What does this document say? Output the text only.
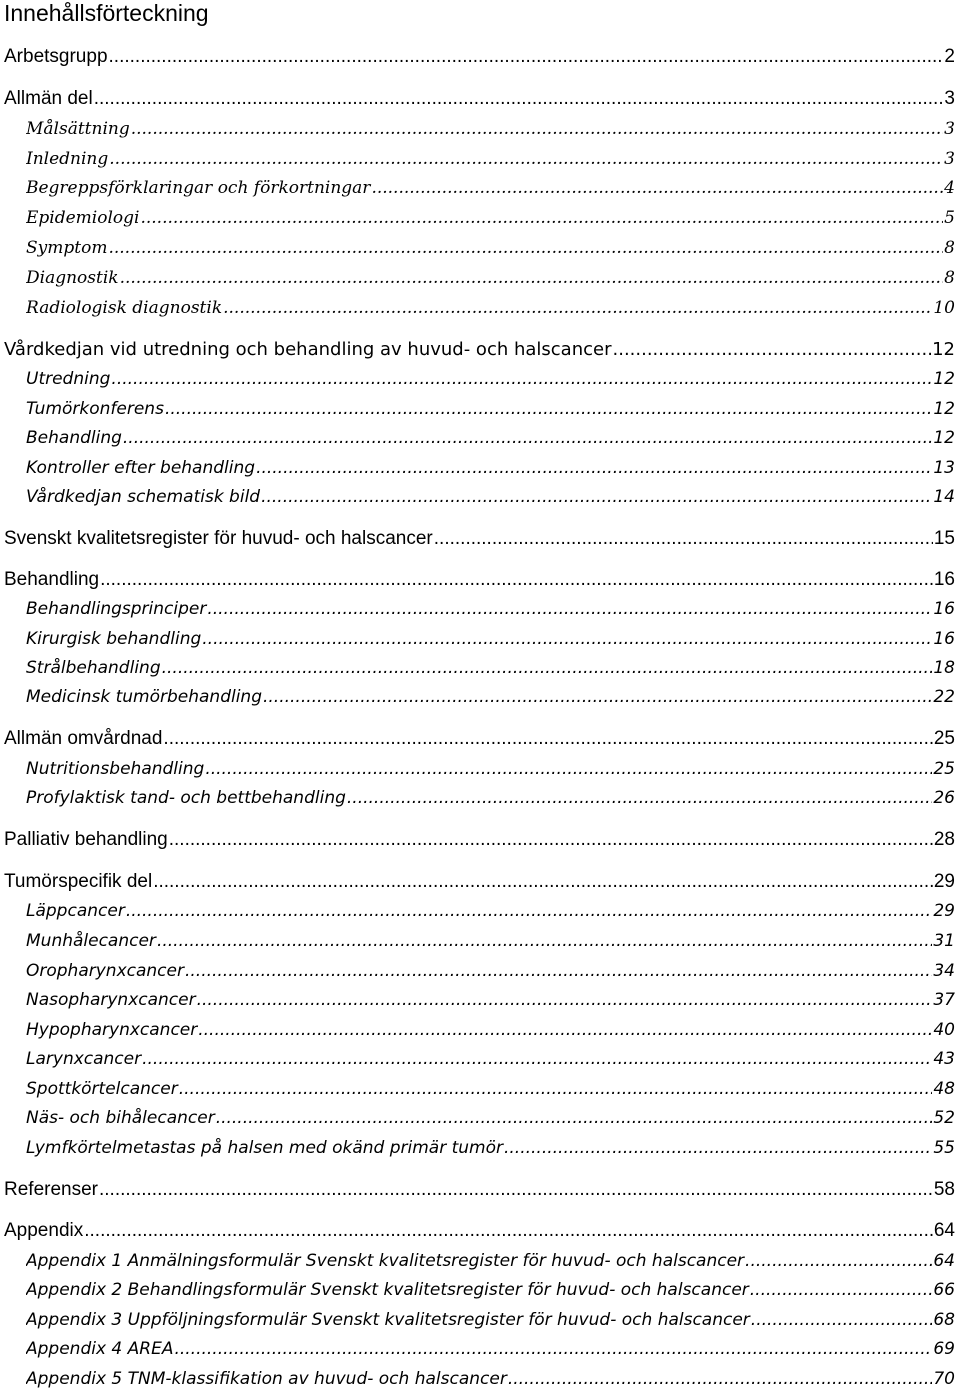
Innehållsförteckning
Arbetsgrupp .....	2
Allmän del .....	3
Målsättning .....	3
Inledning .....	3
Begreppsförklaringar och förkortningar .....	4
Epidemiologi .....	5
Symptom .....	8
Diagnostik .....	8
Radiologisk diagnostik .....	10
Vårdkedjan vid utredning och behandling av huvud- och halscancer .....	12
Utredning .....	12
Tumörkonferens .....	12
Behandling .....	12
Kontroller efter behandling .....	13
Vårdkedjan schematisk bild .....	14
Svenskt kvalitetsregister för huvud- och halscancer .....	15
Behandling .....	16
Behandlingsprinciper .....	16
Kirurgisk behandling .....	16
Strålbehandling .....	18
Medicinsk tumörbehandling .....	22
Allmän omvårdnad .....	25
Nutritionsbehandling .....	25
Profylaktisk tand- och bettbehandling .....	26
Palliativ behandling .....	28
Tumörspecifik del .....	29
Läppcancer .....	29
Munhålecancer .....	31
Oropharynxcancer .....	34
Nasopharynxcancer .....	37
Hypopharynxcancer .....	40
Larynxcancer .....	43
Spottkörtelcancer .....	48
Näs- och bihålecancer .....	52
Lymfkörtelmetastas på halsen med okänd primär tumör .....	55
Referenser .....	58
Appendix .....	64
Appendix 1 Anmälningsformulär Svenskt kvalitetsregister för huvud- och halscancer .....	64
Appendix 2 Behandlingsformulär Svenskt kvalitetsregister för huvud- och halscancer .....	66
Appendix 3 Uppföljningsformulär Svenskt kvalitetsregister för huvud- och halscancer .....	68
Appendix 4 AREA .....	69
Appendix 5 TNM-klassifikation av huvud- och halscancer .....	70
